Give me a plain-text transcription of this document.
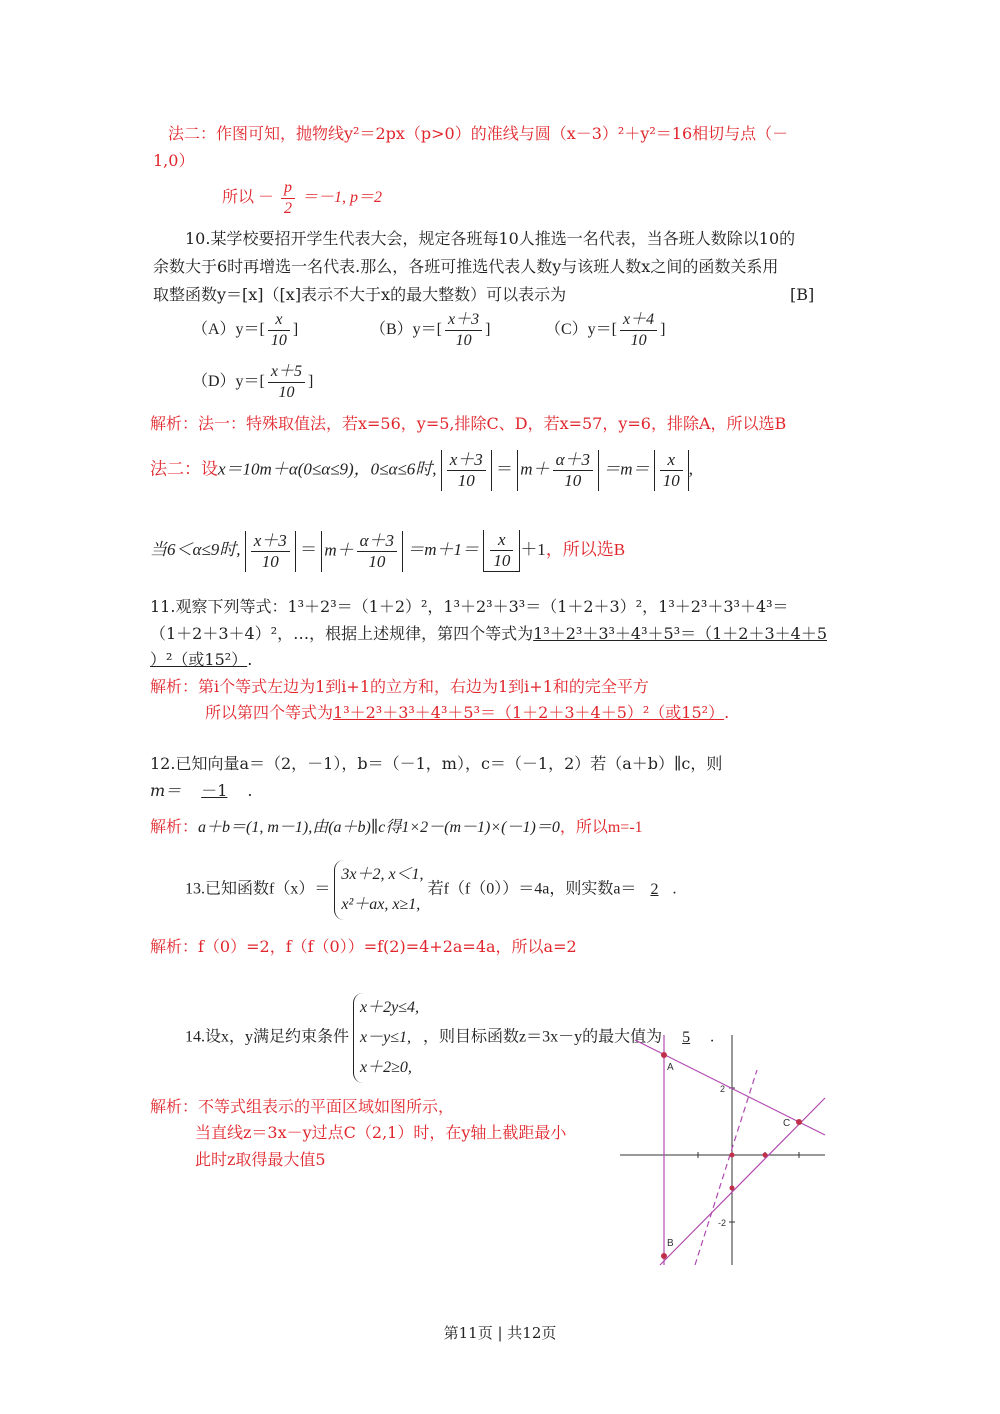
法二：作图可知，抛物线y²＝2px（p>0）的准线与圆（x－3）²＋y²＝16相切与点（－
1,0）
所以 － $\frac{p}{2} =-1$, p＝2
10.某学校要招开学生代表大会，规定各班每10人推选一名代表，当各班人数除以10的
余数大于6时再增选一名代表.那么，各班可推选代表人数y与该班人数x之间的函数关系用
取整函数y＝[x]（[x]表示不大于x的最大整数）可以表示为	[B]
$(A)y=[ \frac{x}{10}$ ]	$(B)y=[ \frac{x+3}{10}$ ]	$(C)y=[ \frac{x+4}{10}$ ]
$(D)y=[ \frac{x+5}{10}$ ]
解析：法一：特殊取值法，若x=56，y=5,排除C、D，若x=57，y=6，排除A，所以选B
法二：设x＝10m＋α(0≤α≤9)，0≤α≤6时, $\frac{x+3}{10} = m+ \frac{\alpha+3}{10} =m= \frac{x}{10}$ ,
当6＜α≤9时, $\frac{x+3}{10} = m+ \frac{\alpha+3}{10} =m+1= \frac{x}{10} +1$，所以选B
11.观察下列等式：1³＋2³＝（1＋2）²，1³＋2³＋3³＝（1＋2＋3）²，1³＋2³＋3³＋4³＝
（1＋2＋3＋4）²，…，根据上述规律，第四个等式为1³＋2³＋3³＋4³＋5³＝（1＋2＋3＋4＋5
）²（或15²）.
解析：第i个等式左边为1到i+1的立方和，右边为1到i+1和的完全平方
所以第四个等式为1³＋2³＋3³＋4³＋5³＝（1＋2＋3＋4＋5）²（或15²）.
12.已知向量a＝（2，－1），b＝（－1，m），c＝（－1，2）若（a＋b）∥c，则
m＝ －1 .
解析：a＋b＝(1, m－1),由(a＋b)∥c得1×2－(m－1)×(－1)＝0，所以m=-1
13.已知函数f（x）＝
3x＋2, x＜1,
x²＋ax, x≥1,
若f（f（0））＝4a，则实数a＝ 2 .
解析：f（0）=2，f（f（0））=f(2)=4+2a=4a，所以a=2
14.设x，y满足约束条件
x＋2y≤4,
x－y≤1,
x＋2≥0,
，则目标函数z＝3x－y的最大值为 5 .
解析：不等式组表示的平面区域如图所示，
当直线z＝3x－y过点C（2,1）时，在y轴上截距最小
此时z取得最大值5
2
-2
A
B
C
第11页 | 共12页
